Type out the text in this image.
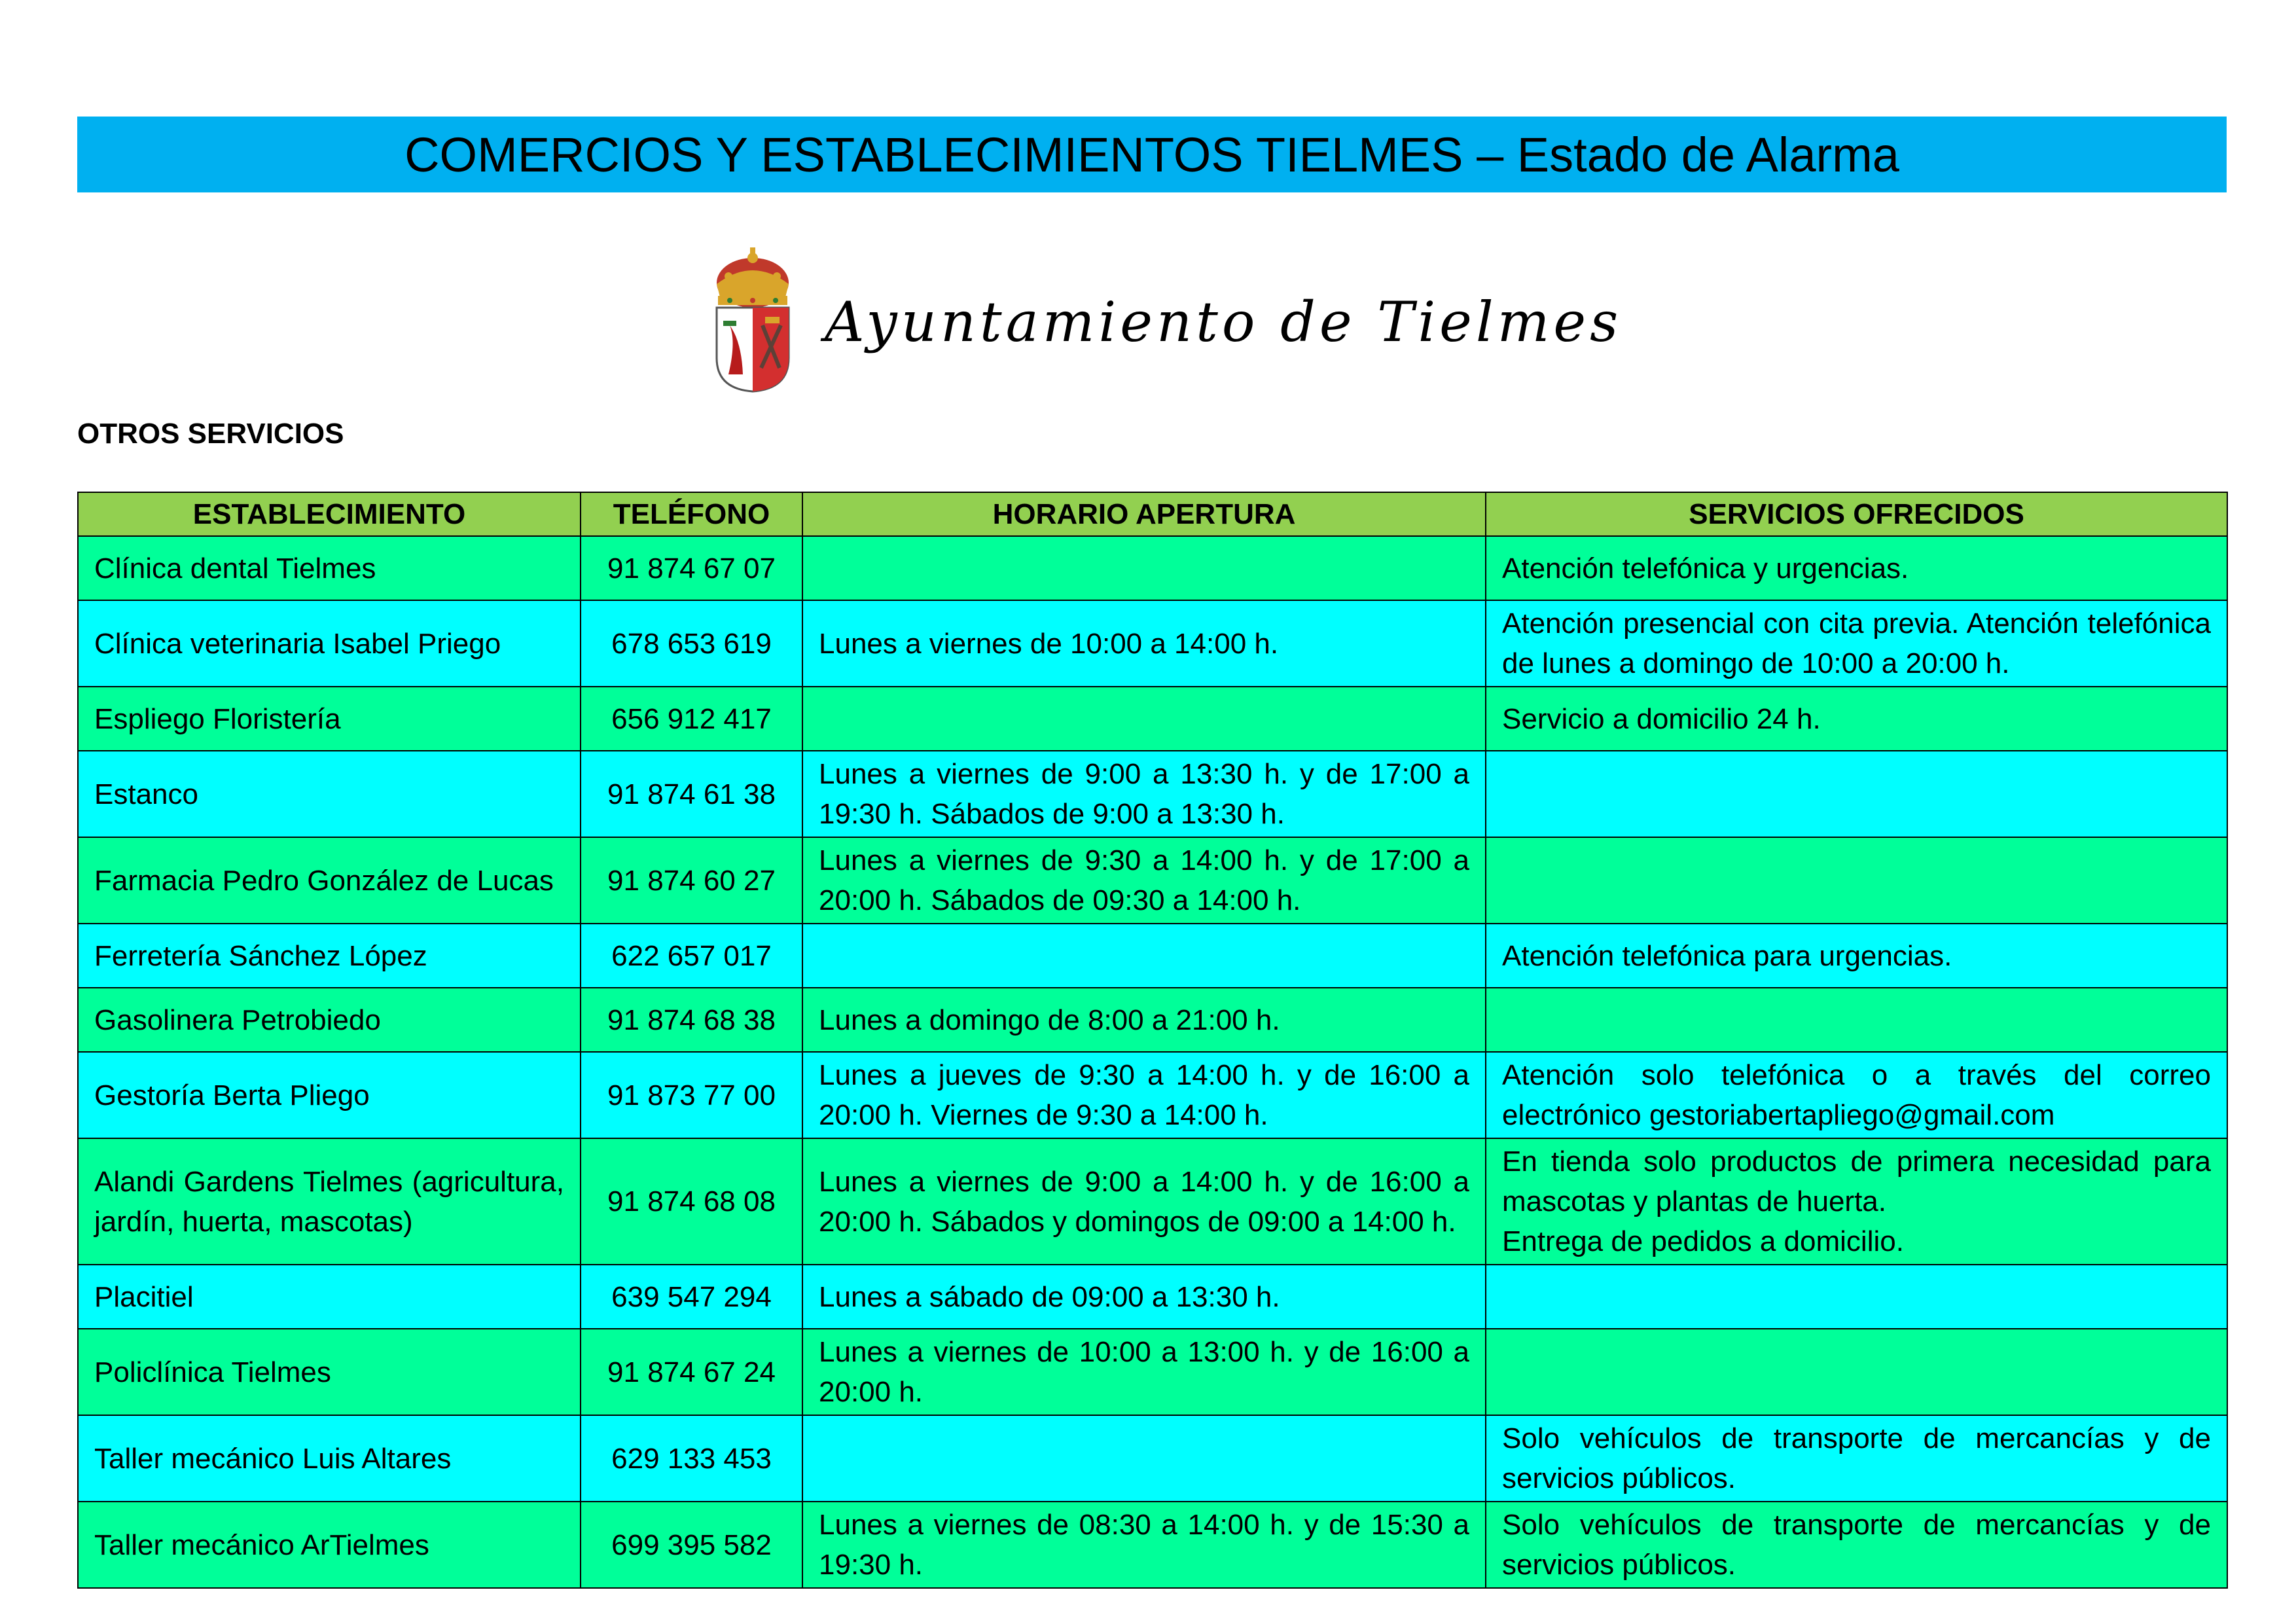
COMERCIOS Y ESTABLECIMIENTOS TIELMES – Estado de Alarma
Ayuntamiento de Tielmes
OTROS SERVICIOS
ESTABLECIMIENTO	TELÉFONO	HORARIO APERTURA	SERVICIOS OFRECIDOS
Clínica dental Tielmes	91 874 67 07		Atención telefónica y urgencias.
Clínica veterinaria Isabel Priego	678 653 619	Lunes a viernes de 10:00 a 14:00 h.	Atención presencial con cita previa. Atención telefónica de lunes a domingo de 10:00 a 20:00 h.
Espliego Floristería	656 912 417		Servicio a domicilio 24 h.
Estanco	91 874 61 38	Lunes a viernes de 9:00 a 13:30 h. y de 17:00 a 19:30 h. Sábados de 9:00 a 13:30 h.	
Farmacia Pedro González de Lucas	91 874 60 27	Lunes a viernes de 9:30 a 14:00 h. y de 17:00 a 20:00 h. Sábados de 09:30 a 14:00 h.	
Ferretería Sánchez López	622 657 017		Atención telefónica para urgencias.
Gasolinera Petrobiedo	91 874 68 38	Lunes a domingo de 8:00 a 21:00 h.	
Gestoría Berta Pliego	91 873 77 00	Lunes a jueves de 9:30 a 14:00 h. y de 16:00 a 20:00 h. Viernes de 9:30 a 14:00 h.	Atención solo telefónica o a través del correo electrónico gestoriabertapliego@gmail.com
Alandi Gardens Tielmes (agricultura, jardín, huerta, mascotas)	91 874 68 08	Lunes a viernes de 9:00 a 14:00 h. y de 16:00 a 20:00 h. Sábados y domingos de 09:00 a 14:00 h.	En tienda solo productos de primera necesidad para mascotas y plantas de huerta.
Entrega de pedidos a domicilio.

Placitiel	639 547 294	Lunes a sábado de 09:00 a 13:30 h.	
Policlínica Tielmes	91 874 67 24	Lunes a viernes de 10:00 a 13:00 h. y de 16:00 a 20:00 h.	
Taller mecánico Luis Altares	629 133 453		Solo vehículos de transporte de mercancías y de servicios públicos.
Taller mecánico ArTielmes	699 395 582	Lunes a viernes de 08:30 a 14:00 h. y de 15:30 a 19:30 h.	Solo vehículos de transporte de mercancías y de servicios públicos.
